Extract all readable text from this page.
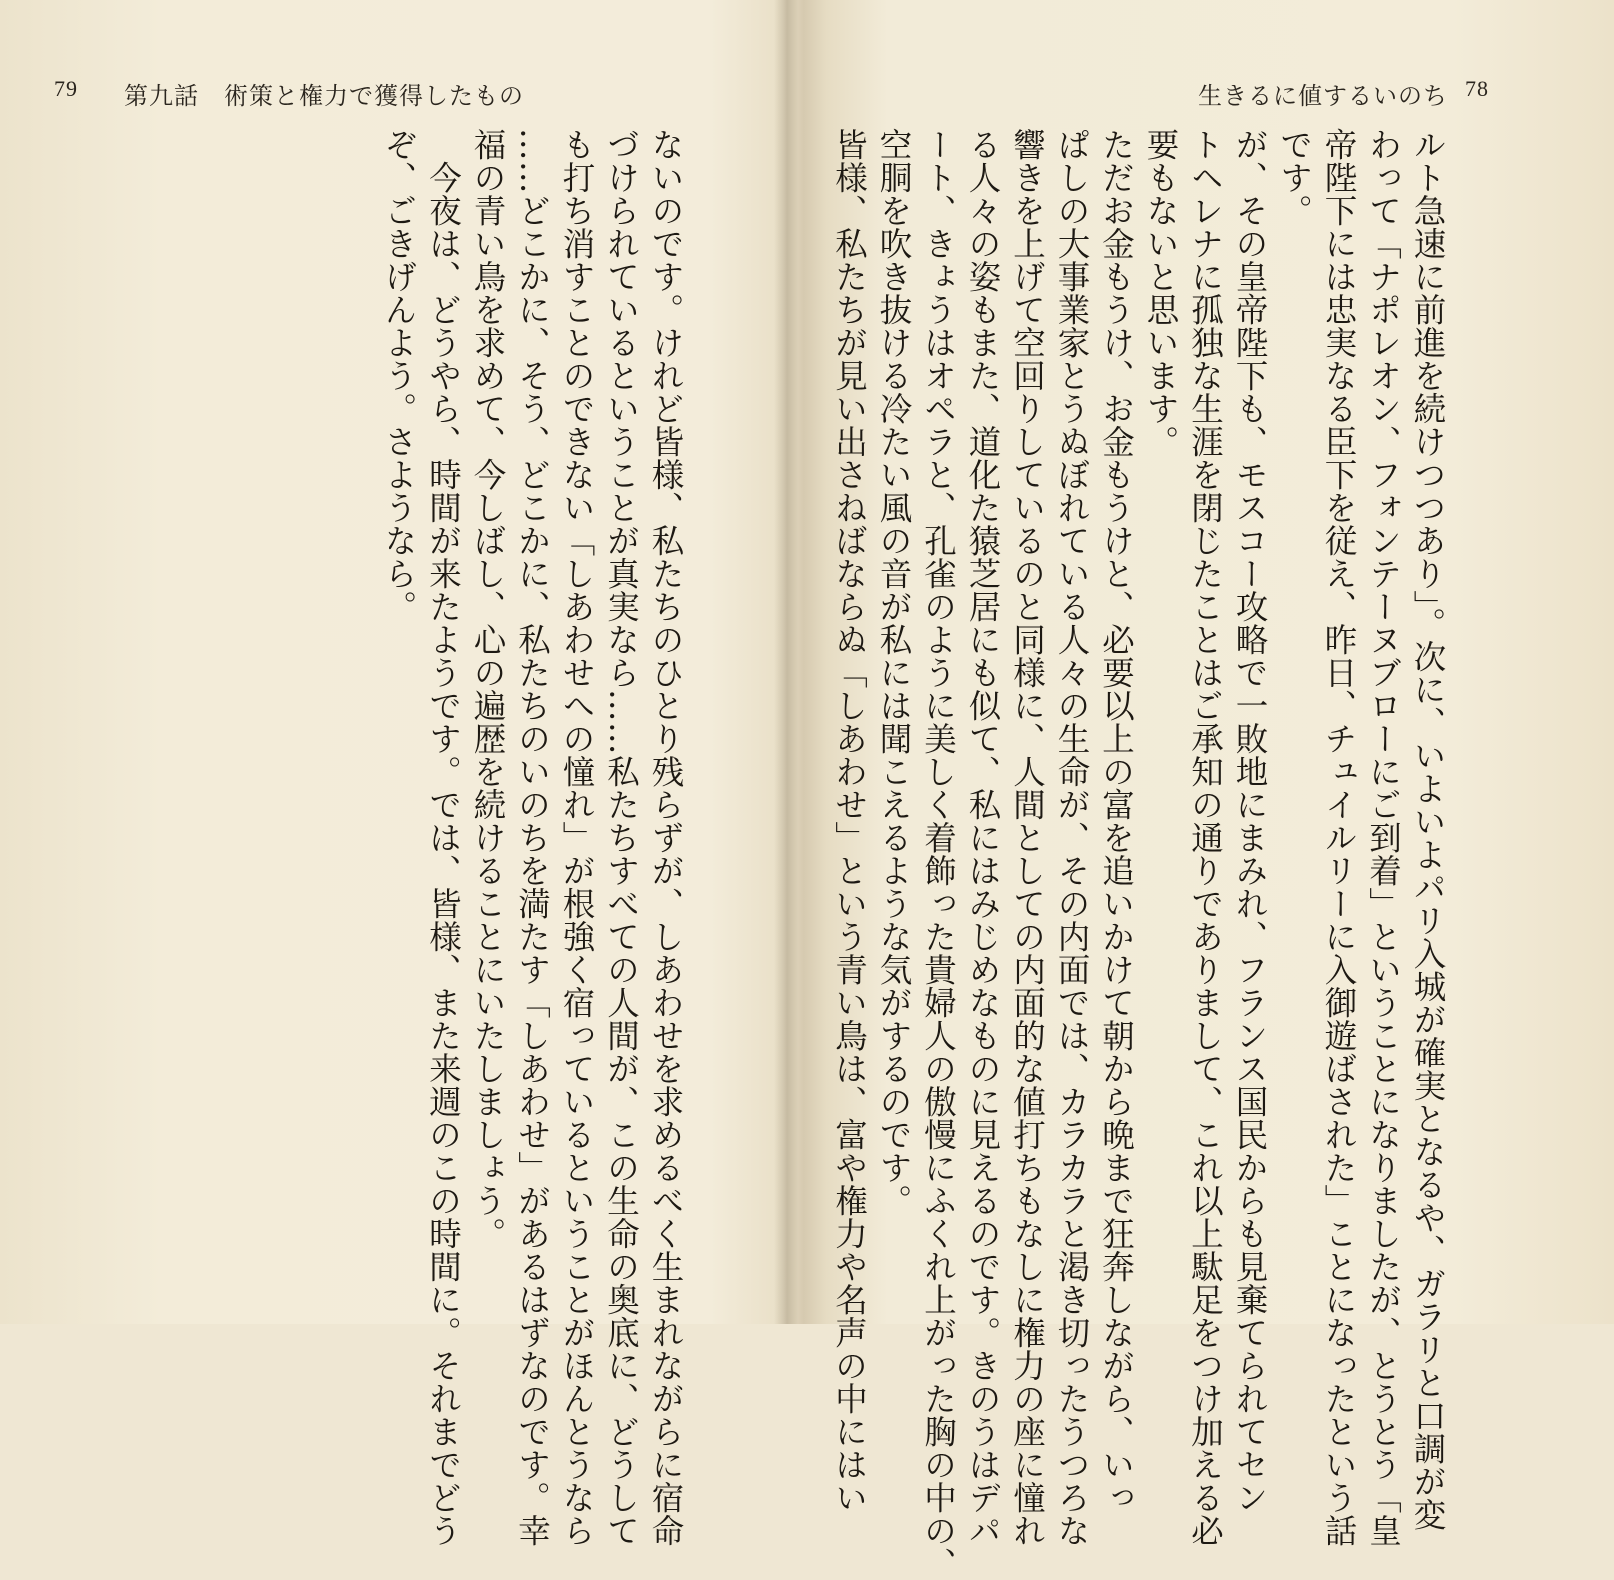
79 第九話　術策と権力で獲得したもの	生きるに値するいのち 78
ルト急速に前進を続けつつあり」。次に、いよいよパリ入城が確実となるや、ガラリと口調が変
わって「ナポレオン、フォンテーヌブローにご到着」ということになりましたが、とうとう「皇
帝陛下には忠実なる臣下を従え、昨日、チュイルリーに入御遊ばされた」ことになったという話
です。
が、その皇帝陛下も、モスコー攻略で一敗地にまみれ、フランス国民からも見棄てられてセン
トヘレナに孤独な生涯を閉じたことはご承知の通りでありまして、これ以上駄足をつけ加える必
要もないと思います。
ただお金もうけ、お金もうけと、必要以上の富を追いかけて朝から晩まで狂奔しながら、いっ
ぱしの大事業家とうぬぼれている人々の生命が、その内面では、カラカラと渇き切ったうつろな
響きを上げて空回りしているのと同様に、人間としての内面的な値打ちもなしに権力の座に憧れ
る人々の姿もまた、道化た猿芝居にも似て、私にはみじめなものに見えるのです。きのうはデパ
ート、きょうはオペラと、孔雀のように美しく着飾った貴婦人の傲慢にふくれ上がった胸の中の、
空胴を吹き抜ける冷たい風の音が私には聞こえるような気がするのです。
皆様、私たちが見い出さねばならぬ「しあわせ」という青い鳥は、富や権力や名声の中にはい
ないのです。けれど皆様、私たちのひとり残らずが、しあわせを求めるべく生まれながらに宿命
づけられているということが真実なら……私たちすべての人間が、この生命の奥底に、どうして
も打ち消すことのできない「しあわせへの憧れ」が根強く宿っているということがほんとうなら
……どこかに、そう、どこかに、私たちのいのちを満たす「しあわせ」があるはずなのです。幸
福の青い鳥を求めて、今しばし、心の遍歴を続けることにいたしましょう。
　今夜は、どうやら、時間が来たようです。では、皆様、また来週のこの時間に。それまでどう
ぞ、ごきげんよう。さようなら。
